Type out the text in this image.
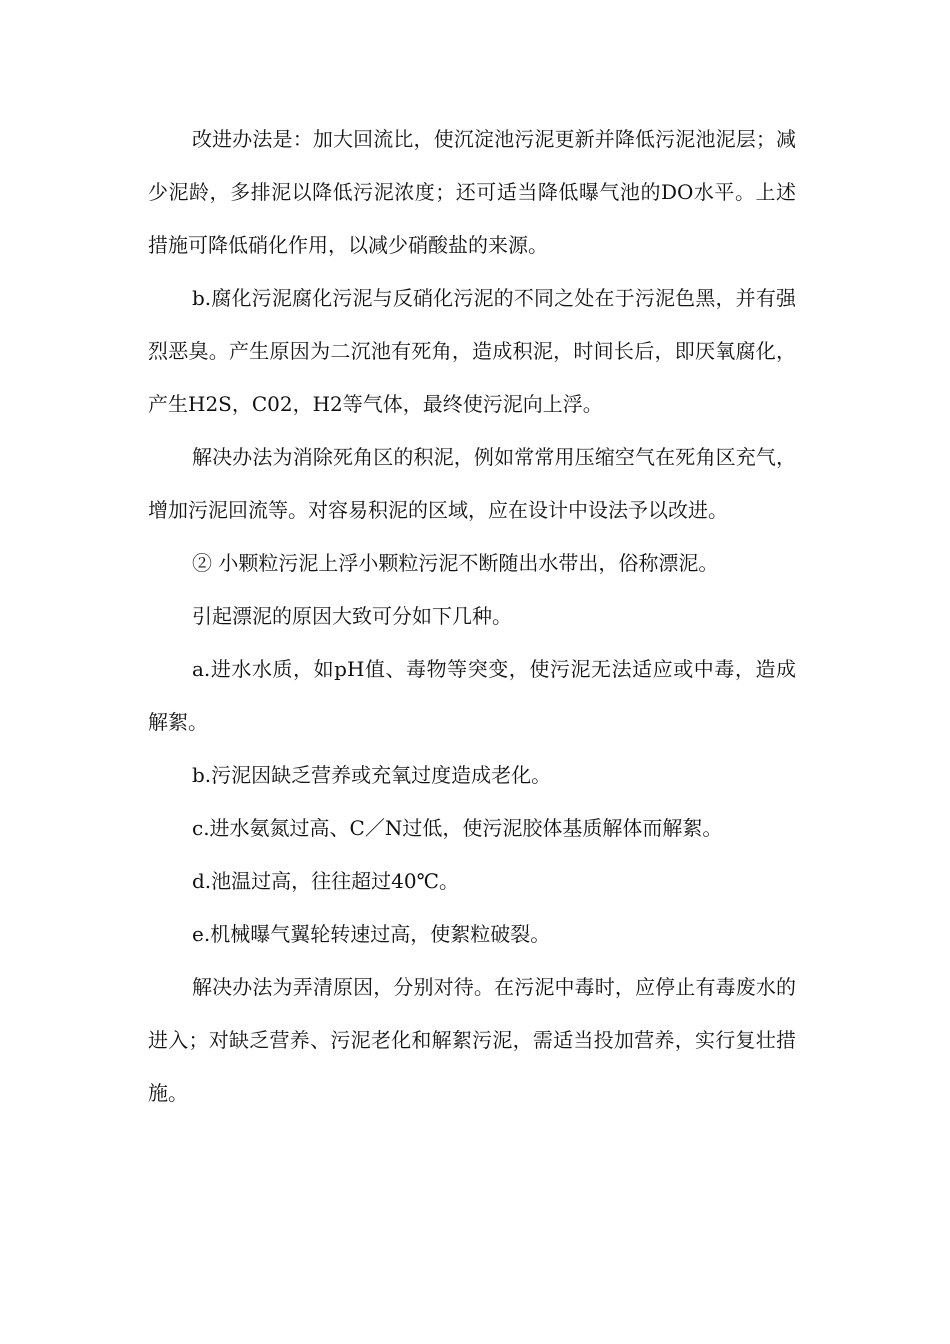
改进办法是：加大回流比，使沉淀池污泥更新并降低污泥池泥层；减少泥龄，多排泥以降低污泥浓度；还可适当降低曝气池的DO水平。上述措施可降低硝化作用，以减少硝酸盐的来源。

b.腐化污泥腐化污泥与反硝化污泥的不同之处在于污泥色黑，并有强烈恶臭。产生原因为二沉池有死角，造成积泥，时间长后，即厌氧腐化，产生H2S，C02，H2等气体，最终使污泥向上浮。

解决办法为消除死角区的积泥，例如常常用压缩空气在死角区充气，增加污泥回流等。对容易积泥的区域，应在设计中设法予以改进。

② 小颗粒污泥上浮小颗粒污泥不断随出水带出，俗称漂泥。

引起漂泥的原因大致可分如下几种。

a.进水水质，如pH值、毒物等突变，使污泥无法适应或中毒，造成解絮。

b.污泥因缺乏营养或充氧过度造成老化。

c.进水氨氮过高、C／N过低，使污泥胶体基质解体而解絮。

d.池温过高，往往超过40℃。

e.机械曝气翼轮转速过高，使絮粒破裂。

解决办法为弄清原因，分别对待。在污泥中毒时，应停止有毒废水的进入；对缺乏营养、污泥老化和解絮污泥，需适当投加营养，实行复壮措施。
